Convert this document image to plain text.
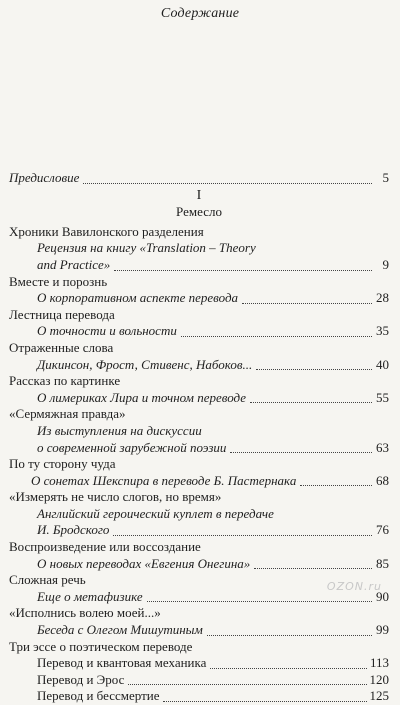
Содержание
Предисловие	5
I
Ремесло
Хроники Вавилонского разделения
Рецензия на книгу «Translation – Theory
and Practice»	9
Вместе и порознь
О корпоративном аспекте перевода	28
Лестница перевода
О точности и вольности	35
Отраженные слова
Дикинсон, Фрост, Стивенс, Набоков...	40
Рассказ по картинке
О лимериках Лира и точном переводе	55
«Сермяжная правда»
Из выступления на дискуссии
о современной зарубежной поэзии	63
По ту сторону чуда
О сонетах Шекспира в переводе Б. Пастернака	68
«Измерять не число слогов, но время»
Английский героический куплет в передаче
И. Бродского	76
Воспроизведение или воссоздание
О новых переводах «Евгения Онегина»	85
Сложная речь
Еще о метафизике	90
«Исполнись волею моей...»
Беседа с Олегом Мишутиным	99
Три эссе о поэтическом переводе
Перевод и квантовая механика	113
Перевод и Эрос	120
Перевод и бессмертие	125
OZON.ru
